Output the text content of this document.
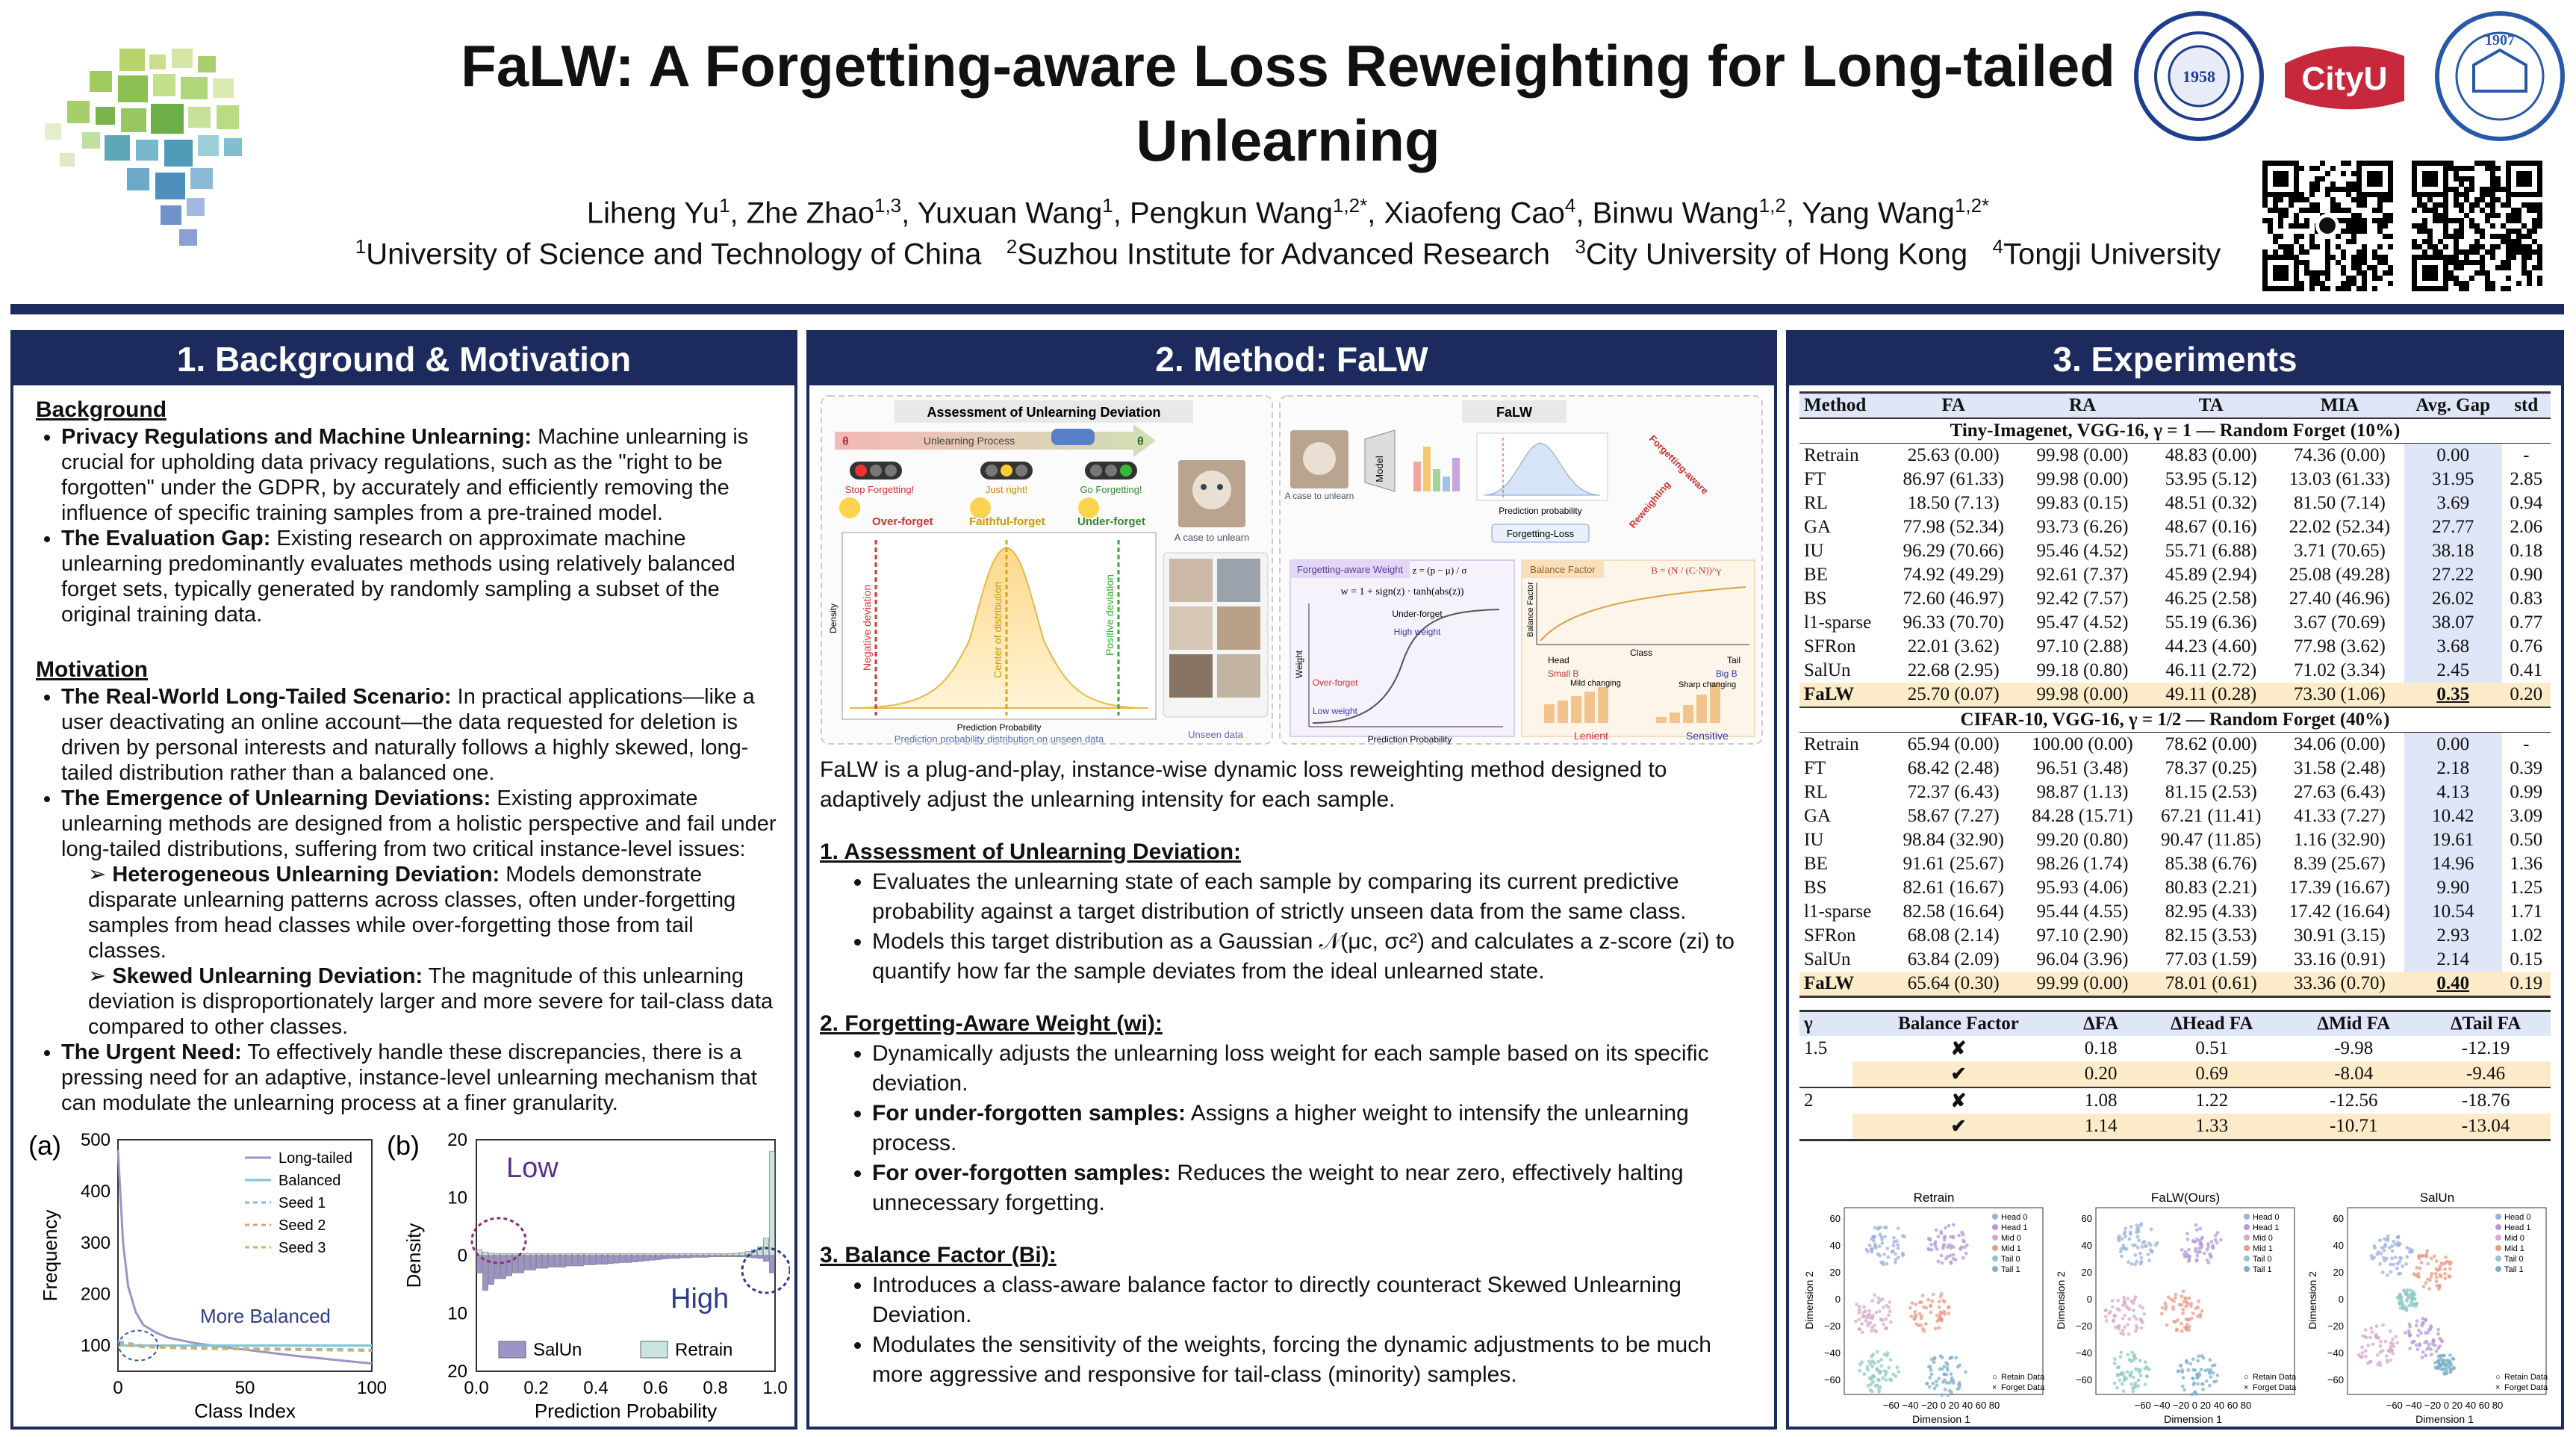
FaLW: A Forgetting-aware Loss Reweighting for Long-tailed
Unlearning
Liheng Yu$^1$, Zhe Zhao$^{1,3}$, Yuxuan Wang$^1$, Pengkun Wang$^{1,2*}$, Xiaofeng Cao$^4$, Binwu Wang$^{1,2}$, Yang Wang$^{1,2*}$
$^1$University of Science and Technology of China $^2$Suzhou Institute for Advanced Research $^3$City University of Hong Kong $^4$Tongji University
1958	CityU
1907
1. Background & Motivation
Background
• Privacy Regulations and Machine Unlearning: Machine unlearning is crucial for upholding data privacy regulations, such as the "right to be forgotten" under the GDPR, by accurately and efficiently removing the influence of specific training samples from a pre-trained model.
• The Evaluation Gap: Existing research on approximate machine unlearning predominantly evaluates methods using relatively balanced forget sets, typically generated by randomly sampling a subset of the original training data.
Motivation
• The Real-World Long-Tailed Scenario: In practical applications—like a user deactivating an online account—the data requested for deletion is driven by personal interests and naturally follows a highly skewed, long-tailed distribution rather than a balanced one.
• The Emergence of Unlearning Deviations: Existing approximate unlearning methods are designed from a holistic perspective and fail under long-tailed distributions, suffering from two critical instance-level issues:
➢ Heterogeneous Unlearning Deviation: Models demonstrate disparate unlearning patterns across classes, often under-forgetting samples from head classes while over-forgetting those from tail classes.
➢ Skewed Unlearning Deviation: The magnitude of this unlearning deviation is disproportionately larger and more severe for tail-class data compared to other classes.
• The Urgent Need: To effectively handle these discrepancies, there is a pressing need for an adaptive, instance-level unlearning mechanism that can modulate the unlearning process at a finer granularity.
(a)
0	50	100
100
200
300
400
500
Class Index
Frequency
Long-tailed
Balanced
Seed 1
Seed 2
Seed 3
More Balanced
(b)
0.0 0.2 0.4 0.6 0.8 1.0
20
10
0
10
20
Prediction Probability
Density
Low
High
SalUn	Retrain
2. Method: FaLW
Assessment of Unlearning Deviation
θ	θ
Unlearning Process
Stop Forgetting!	Just right!	Go Forgetting!
Over-forget	Faithful-forget	Under-forget
A case to unlearn
Negative deviation	Center of distribution	Positive deviation
Prediction Probability
Density
Prediction probability distribution on unseen data	Unseen data
FaLW
A case to unlearn
Model
Prediction probability
Forgetting-Loss
Forgetting-aware
Reweighting
Forgetting-aware Weight z = (p − μ) / σ
w = 1 + sign(z) · tanh(abs(z))
Under-forget
High weight
Over-forget
Low weight
Prediction Probability
Weight
Balance Factor	B = (N / (C·N))^γ
Class
Head	Tail
Small B	Big B
Mild changing	Sharp changing
Lenient	Sensitive
Balance Factor
FaLW is a plug-and-play, instance-wise dynamic loss reweighting method designed to adaptively adjust the unlearning intensity for each sample.
1. Assessment of Unlearning Deviation:
• Evaluates the unlearning state of each sample by comparing its current predictive probability against a target distribution of strictly unseen data from the same class.
• Models this target distribution as a Gaussian 𝒩(μc, σc²) and calculates a z-score (zi) to quantify how far the sample deviates from the ideal unlearned state.
2. Forgetting-Aware Weight (wi):
• Dynamically adjusts the unlearning loss weight for each sample based on its specific deviation.
• For under-forgotten samples: Assigns a higher weight to intensify the unlearning process.
• For over-forgotten samples: Reduces the weight to near zero, effectively halting unnecessary forgetting.
3. Balance Factor (Bi):
• Introduces a class-aware balance factor to directly counteract Skewed Unlearning Deviation.
• Modulates the sensitivity of the weights, forcing the dynamic adjustments to be much more aggressive and responsive for tail-class (minority) samples.
3. Experiments
Method	FA	RA	TA	MIA	Avg. Gap	std
Tiny-Imagenet, VGG-16, γ = 1 — Random Forget (10%)						
Retrain	25.63 (0.00)	99.98 (0.00)	48.83 (0.00)	74.36 (0.00)	0.00	-
FT	86.97 (61.33)	99.98 (0.00)	53.95 (5.12)	13.03 (61.33)	31.95	2.85
RL	18.50 (7.13)	99.83 (0.15)	48.51 (0.32)	81.50 (7.14)	3.69	0.94
GA	77.98 (52.34)	93.73 (6.26)	48.67 (0.16)	22.02 (52.34)	27.77	2.06
IU	96.29 (70.66)	95.46 (4.52)	55.71 (6.88)	3.71 (70.65)	38.18	0.18
BE	74.92 (49.29)	92.61 (7.37)	45.89 (2.94)	25.08 (49.28)	27.22	0.90
BS	72.60 (46.97)	92.42 (7.57)	46.25 (2.58)	27.40 (46.96)	26.02	0.83
l1-sparse	96.33 (70.70)	95.47 (4.52)	55.19 (6.36)	3.67 (70.69)	38.07	0.77
SFRon	22.01 (3.62)	97.10 (2.88)	44.23 (4.60)	77.98 (3.62)	3.68	0.76
SalUn	22.68 (2.95)	99.18 (0.80)	46.11 (2.72)	71.02 (3.34)	2.45	0.41
FaLW	25.70 (0.07)	99.98 (0.00)	49.11 (0.28)	73.30 (1.06)	0.35	0.20
CIFAR-10, VGG-16, γ = 1/2 — Random Forget (40%)						
Retrain	65.94 (0.00)	100.00 (0.00)	78.62 (0.00)	34.06 (0.00)	0.00	-
FT	68.42 (2.48)	96.51 (3.48)	78.37 (0.25)	31.58 (2.48)	2.18	0.39
RL	72.37 (6.43)	98.87 (1.13)	81.15 (2.53)	27.63 (6.43)	4.13	0.99
GA	58.67 (7.27)	84.28 (15.71)	67.21 (11.41)	41.33 (7.27)	10.42	3.09
IU	98.84 (32.90)	99.20 (0.80)	90.47 (11.85)	1.16 (32.90)	19.61	0.50
BE	91.61 (25.67)	98.26 (1.74)	85.38 (6.76)	8.39 (25.67)	14.96	1.36
BS	82.61 (16.67)	95.93 (4.06)	80.83 (2.21)	17.39 (16.67)	9.90	1.25
l1-sparse	82.58 (16.64)	95.44 (4.55)	82.95 (4.33)	17.42 (16.64)	10.54	1.71
SFRon	68.08 (2.14)	97.10 (2.90)	82.15 (3.53)	30.91 (3.15)	2.93	1.02
SalUn	63.84 (2.09)	96.04 (3.96)	77.03 (1.59)	33.16 (0.91)	2.14	0.15
FaLW	65.64 (0.30)	99.99 (0.00)	78.01 (0.61)	33.36 (0.70)	0.40	0.19
γ	Balance Factor	ΔFA	ΔHead FA	ΔMid FA	ΔTail FA
1.5	✘	0.18	0.51	-9.98	-12.19
	✔	0.20	0.69	-8.04	-9.46
2	✘	1.08	1.22	-12.56	-18.76
	✔	1.14	1.33	-10.71	-13.04
Retrain
60
40
20
0
−20
−40
−60
−60 −40 −20 0 20 40 60 80
Dimension 1
Dimension 2
Head 0
Head 1
Mid 0
Mid 1
Tail 0
Tail 1
○ Retain Data
× Forget Data
FaLW(Ours)
60
40
20
0
−20
−40
−60
−60 −40 −20 0 20 40 60 80
Dimension 1
Dimension 2
Head 0
Head 1
Mid 0
Mid 1
Tail 0
Tail 1
○ Retain Data
× Forget Data
SalUn
60
40
20
0
−20
−40
−60
−60 −40 −20 0 20 40 60 80
Dimension 1
Dimension 2
Head 0
Head 1
Mid 0
Mid 1
Tail 0
Tail 1
○ Retain Data
× Forget Data
